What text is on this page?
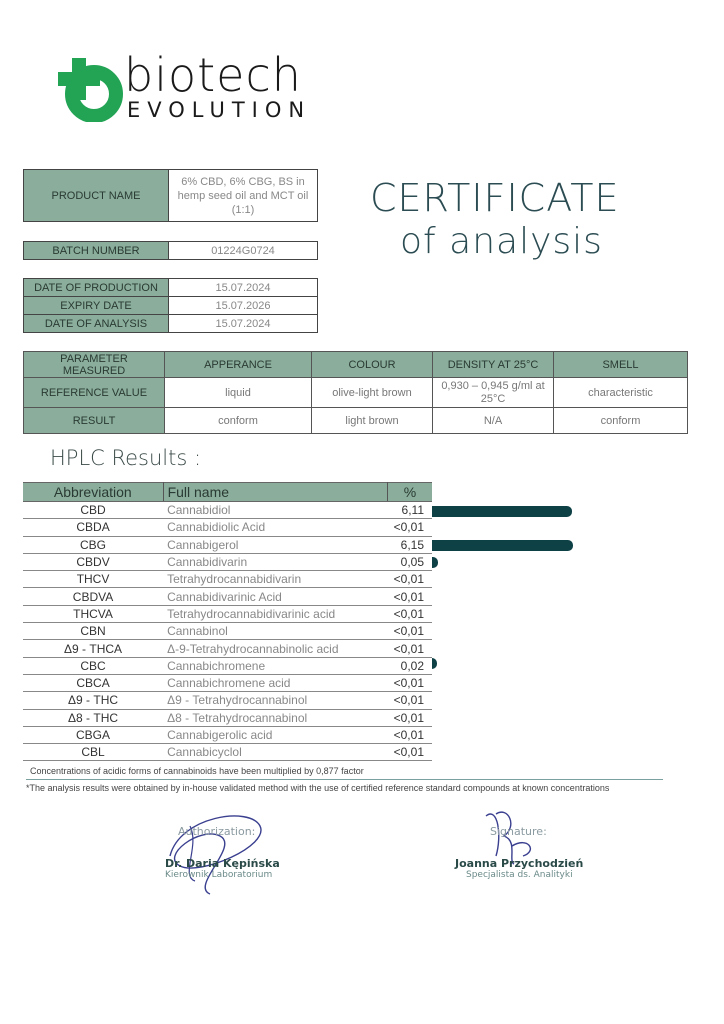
biotech
EVOLUTION
CERTIFICATE
of analysis
PRODUCT NAME	6% CBD, 6% CBG, BS in hemp seed oil and MCT oil (1:1)
BATCH NUMBER	01224G0724
DATE OF PRODUCTION	15.07.2024
EXPIRY DATE	15.07.2026
DATE OF ANALYSIS	15.07.2024
PARAMETER MEASURED	APPERANCE	COLOUR	DENSITY AT 25°C	SMELL
REFERENCE VALUE	liquid	olive-light brown	0,930 – 0,945 g/ml at 25°C	characteristic
RESULT	conform	light brown	N/A	conform
HPLC Results :
Abbreviation	Full name	%
CBD	Cannabidiol	6,11
CBDA	Cannabidiolic Acid	<0,01
CBG	Cannabigerol	6,15
CBDV	Cannabidivarin	0,05
THCV	Tetrahydrocannabidivarin	<0,01
CBDVA	Cannabidivarinic Acid	<0,01
THCVA	Tetrahydrocannabidivarinic acid	<0,01
CBN	Cannabinol	<0,01
Δ9 - THCA	Δ-9-Tetrahydrocannabinolic acid	<0,01
CBC	Cannabichromene	0,02
CBCA	Cannabichromene acid	<0,01
Δ9 - THC	Δ9 - Tetrahydrocannabinol	<0,01
Δ8 - THC	Δ8 - Tetrahydrocannabinol	<0,01
CBGA	Cannabigerolic acid	<0,01
CBL	Cannabicyclol	<0,01
Concentrations of acidic forms of cannabinoids have been multiplied by 0,877 factor
*The analysis results were obtained by in-house validated method with the use of certified reference standard compounds at known concentrations
Authorization:
Dr. Daria Kępińska
Kierownik Laboratorium
Signature:
Joanna Przychodzień
Specjalista ds. Analityki
